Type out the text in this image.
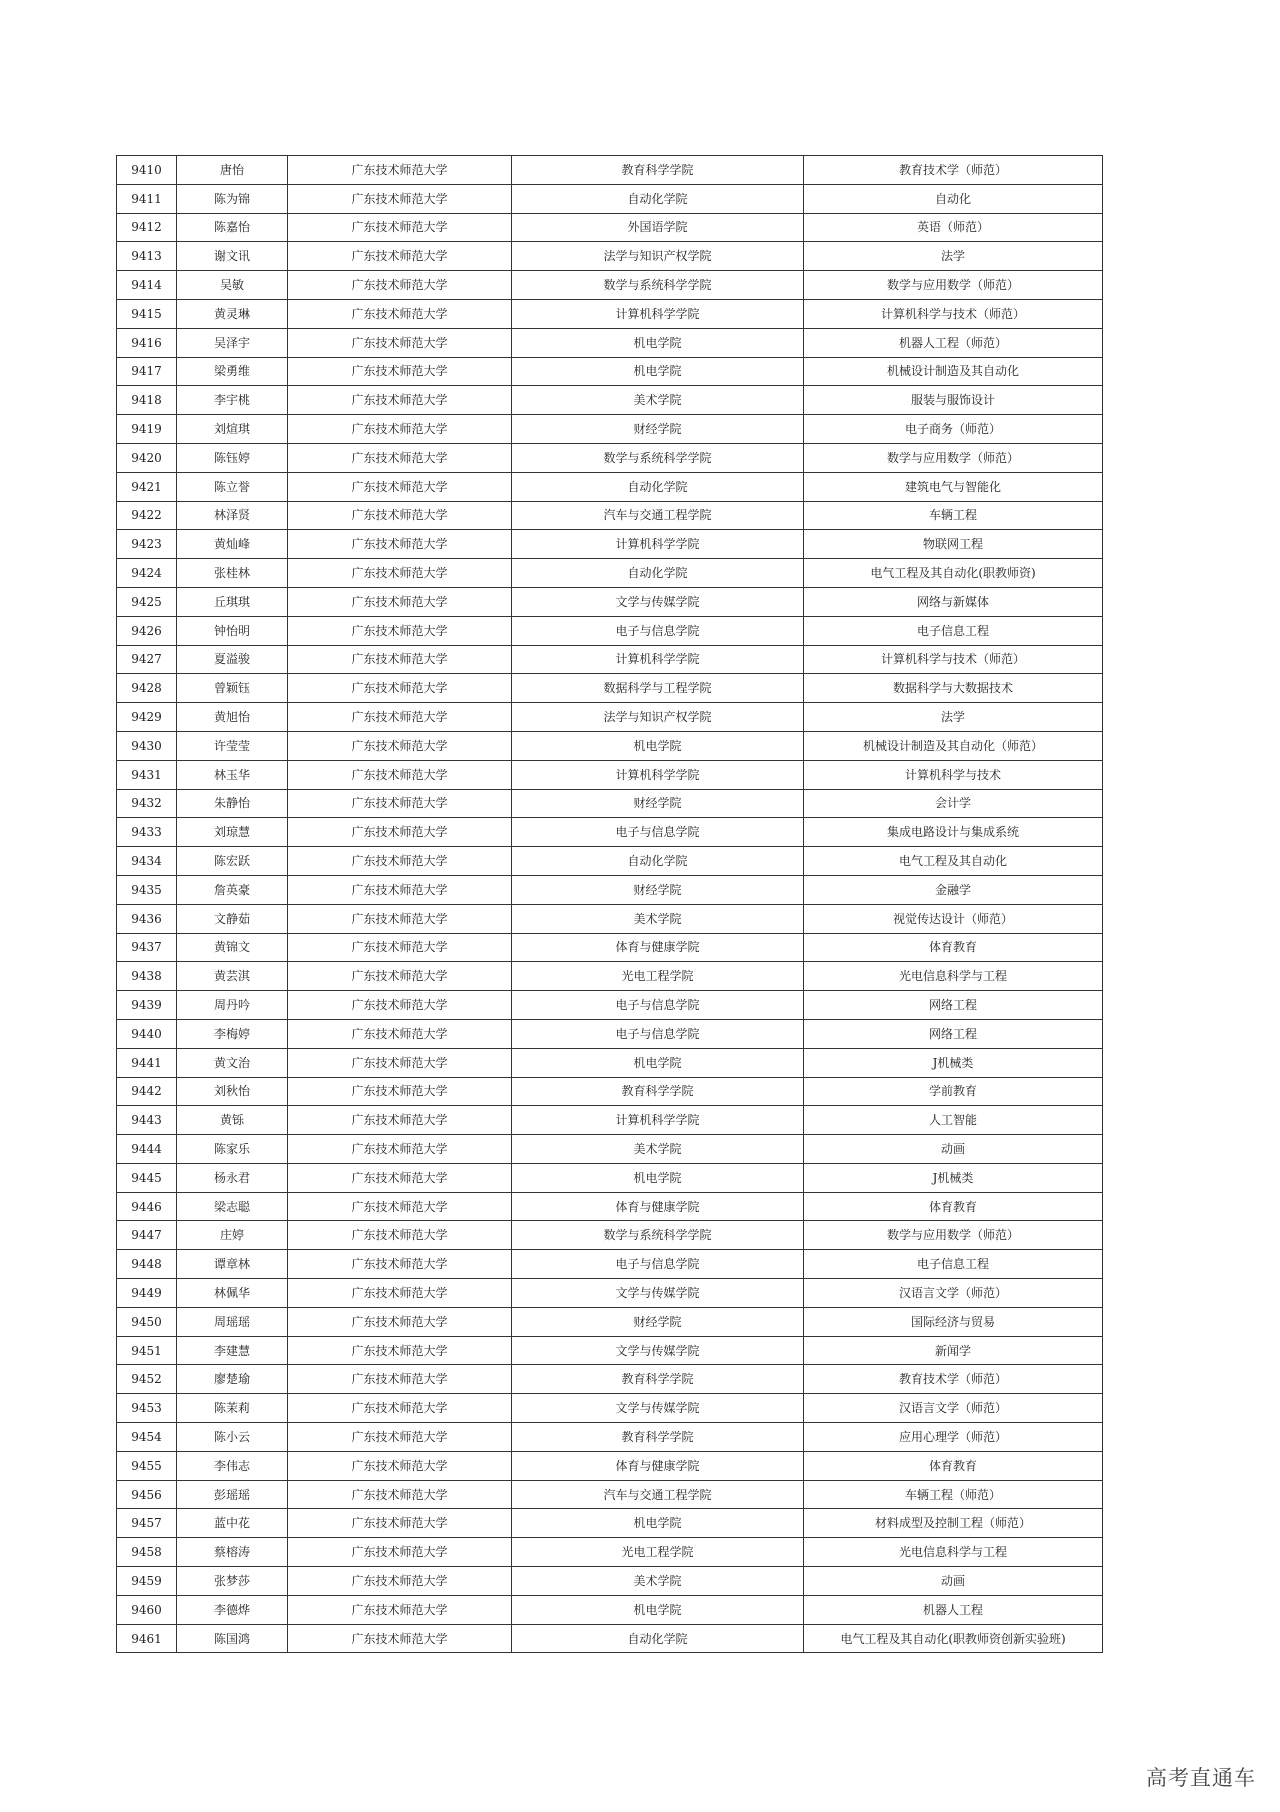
9410	唐怡	广东技术师范大学	教育科学学院	教育技术学（师范）
9411	陈为锦	广东技术师范大学	自动化学院	自动化
9412	陈嘉怡	广东技术师范大学	外国语学院	英语（师范）
9413	谢文讯	广东技术师范大学	法学与知识产权学院	法学
9414	吴敏	广东技术师范大学	数学与系统科学学院	数学与应用数学（师范）
9415	黄灵琳	广东技术师范大学	计算机科学学院	计算机科学与技术（师范）
9416	吴泽宇	广东技术师范大学	机电学院	机器人工程（师范）
9417	梁勇维	广东技术师范大学	机电学院	机械设计制造及其自动化
9418	李宇桃	广东技术师范大学	美术学院	服装与服饰设计
9419	刘煊琪	广东技术师范大学	财经学院	电子商务（师范）
9420	陈钰婷	广东技术师范大学	数学与系统科学学院	数学与应用数学（师范）
9421	陈立誉	广东技术师范大学	自动化学院	建筑电气与智能化
9422	林泽贤	广东技术师范大学	汽车与交通工程学院	车辆工程
9423	黄灿峰	广东技术师范大学	计算机科学学院	物联网工程
9424	张桂林	广东技术师范大学	自动化学院	电气工程及其自动化(职教师资)
9425	丘琪琪	广东技术师范大学	文学与传媒学院	网络与新媒体
9426	钟怡明	广东技术师范大学	电子与信息学院	电子信息工程
9427	夏溢骏	广东技术师范大学	计算机科学学院	计算机科学与技术（师范）
9428	曾颖钰	广东技术师范大学	数据科学与工程学院	数据科学与大数据技术
9429	黄旭怡	广东技术师范大学	法学与知识产权学院	法学
9430	许莹莹	广东技术师范大学	机电学院	机械设计制造及其自动化（师范）
9431	林玉华	广东技术师范大学	计算机科学学院	计算机科学与技术
9432	朱静怡	广东技术师范大学	财经学院	会计学
9433	刘琼慧	广东技术师范大学	电子与信息学院	集成电路设计与集成系统
9434	陈宏跃	广东技术师范大学	自动化学院	电气工程及其自动化
9435	詹英豪	广东技术师范大学	财经学院	金融学
9436	文静茹	广东技术师范大学	美术学院	视觉传达设计（师范）
9437	黄锦文	广东技术师范大学	体育与健康学院	体育教育
9438	黄芸淇	广东技术师范大学	光电工程学院	光电信息科学与工程
9439	周丹吟	广东技术师范大学	电子与信息学院	网络工程
9440	李梅婷	广东技术师范大学	电子与信息学院	网络工程
9441	黄文治	广东技术师范大学	机电学院	J机械类
9442	刘秋怡	广东技术师范大学	教育科学学院	学前教育
9443	黄铄	广东技术师范大学	计算机科学学院	人工智能
9444	陈家乐	广东技术师范大学	美术学院	动画
9445	杨永君	广东技术师范大学	机电学院	J机械类
9446	梁志聪	广东技术师范大学	体育与健康学院	体育教育
9447	庄婷	广东技术师范大学	数学与系统科学学院	数学与应用数学（师范）
9448	谭章林	广东技术师范大学	电子与信息学院	电子信息工程
9449	林佩华	广东技术师范大学	文学与传媒学院	汉语言文学（师范）
9450	周瑶瑶	广东技术师范大学	财经学院	国际经济与贸易
9451	李建慧	广东技术师范大学	文学与传媒学院	新闻学
9452	廖楚瑜	广东技术师范大学	教育科学学院	教育技术学（师范）
9453	陈茉莉	广东技术师范大学	文学与传媒学院	汉语言文学（师范）
9454	陈小云	广东技术师范大学	教育科学学院	应用心理学（师范）
9455	李伟志	广东技术师范大学	体育与健康学院	体育教育
9456	彭瑶瑶	广东技术师范大学	汽车与交通工程学院	车辆工程（师范）
9457	蓝中花	广东技术师范大学	机电学院	材料成型及控制工程（师范）
9458	蔡榕涛	广东技术师范大学	光电工程学院	光电信息科学与工程
9459	张梦莎	广东技术师范大学	美术学院	动画
9460	李德烨	广东技术师范大学	机电学院	机器人工程
9461	陈国鸿	广东技术师范大学	自动化学院	电气工程及其自动化(职教师资创新实验班)
高考直通车
